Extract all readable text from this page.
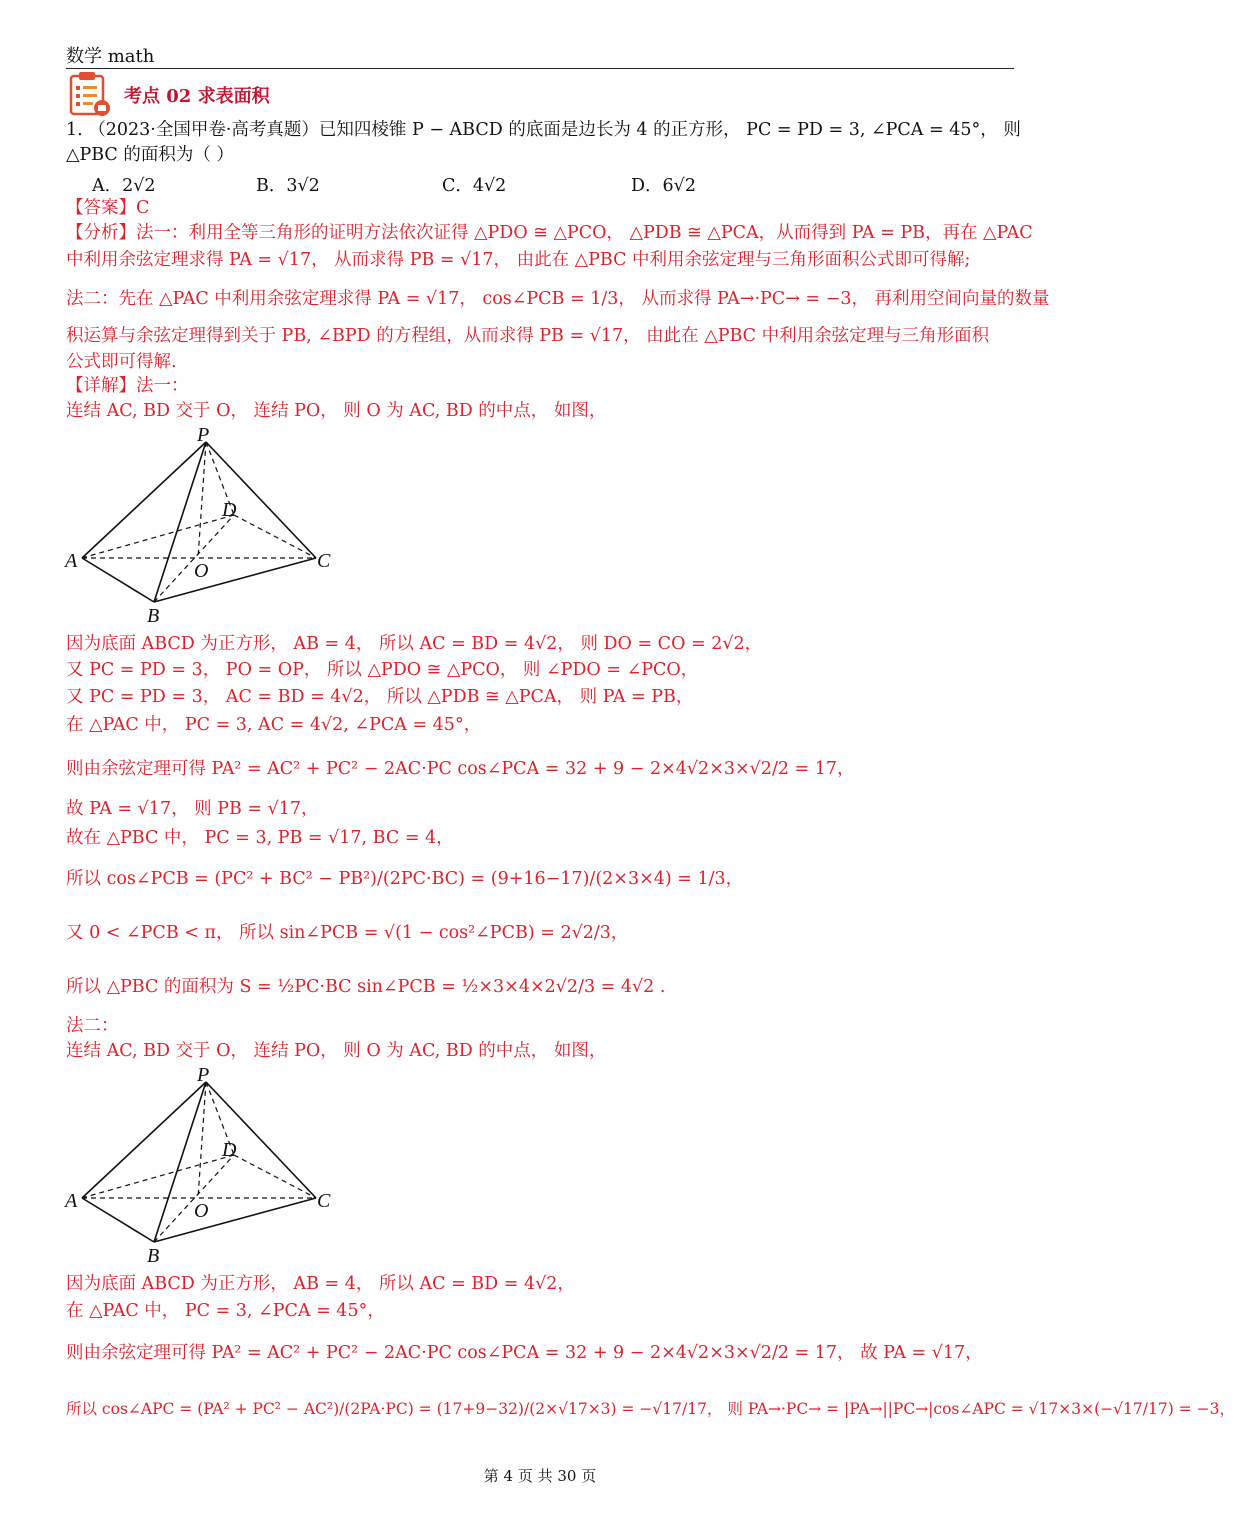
数学 math
考点 02 求表面积
1. （2023·全国甲卷·高考真题）已知四棱锥 P − ABCD 的底面是边长为 4 的正方形， PC = PD = 3, ∠PCA = 45°， 则
△PBC 的面积为（ ）
A．2√2	B．3√2	C．4√2	D．6√2
【答案】C
【分析】法一：利用全等三角形的证明方法依次证得 △PDO ≅ △PCO， △PDB ≅ △PCA，从而得到 PA = PB，再在 △PAC
中利用余弦定理求得 PA = √17， 从而求得 PB = √17， 由此在 △PBC 中利用余弦定理与三角形面积公式即可得解;
法二：先在 △PAC 中利用余弦定理求得 PA = √17， cos∠PCB = 1/3， 从而求得 PA→·PC→ = −3， 再利用空间向量的数量
积运算与余弦定理得到关于 PB, ∠BPD 的方程组，从而求得 PB = √17， 由此在 △PBC 中利用余弦定理与三角形面积
公式即可得解.
【详解】法一：
连结 AC, BD 交于 O， 连结 PO， 则 O 为 AC, BD 的中点， 如图，
P
A
B
C
D
O
因为底面 ABCD 为正方形， AB = 4， 所以 AC = BD = 4√2， 则 DO = CO = 2√2，
又 PC = PD = 3， PO = OP， 所以 △PDO ≅ △PCO， 则 ∠PDO = ∠PCO，
又 PC = PD = 3， AC = BD = 4√2， 所以 △PDB ≅ △PCA， 则 PA = PB，
在 △PAC 中， PC = 3, AC = 4√2, ∠PCA = 45°，
则由余弦定理可得 PA² = AC² + PC² − 2AC·PC cos∠PCA = 32 + 9 − 2×4√2×3×√2/2 = 17，
故 PA = √17， 则 PB = √17，
故在 △PBC 中， PC = 3, PB = √17, BC = 4，
所以 cos∠PCB = (PC² + BC² − PB²)/(2PC·BC) = (9+16−17)/(2×3×4) = 1/3，
又 0 < ∠PCB < π， 所以 sin∠PCB = √(1 − cos²∠PCB) = 2√2/3，
所以 △PBC 的面积为 S = ½PC·BC sin∠PCB = ½×3×4×2√2/3 = 4√2 .
法二：
连结 AC, BD 交于 O， 连结 PO， 则 O 为 AC, BD 的中点， 如图，
P
A
B
C
D
O
因为底面 ABCD 为正方形， AB = 4， 所以 AC = BD = 4√2，
在 △PAC 中， PC = 3, ∠PCA = 45°，
则由余弦定理可得 PA² = AC² + PC² − 2AC·PC cos∠PCA = 32 + 9 − 2×4√2×3×√2/2 = 17， 故 PA = √17，
所以 cos∠APC = (PA² + PC² − AC²)/(2PA·PC) = (17+9−32)/(2×√17×3) = −√17/17， 则 PA→·PC→ = |PA→||PC→|cos∠APC = √17×3×(−√17/17) = −3，
第 4 页 共 30 页
